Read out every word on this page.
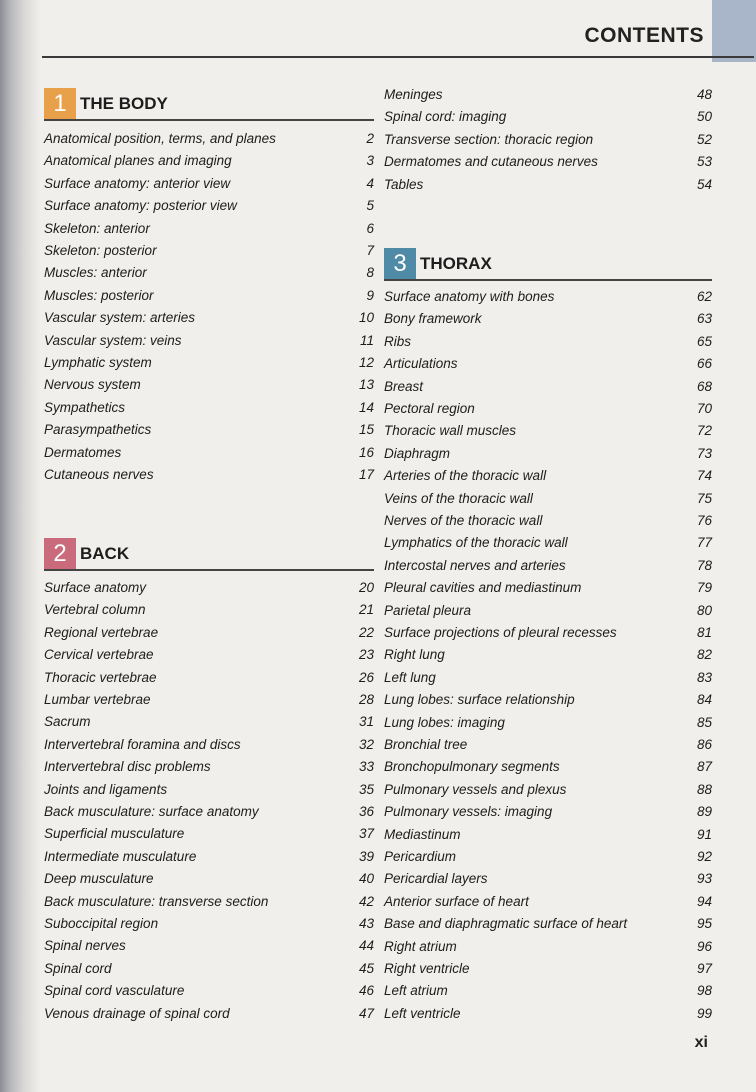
CONTENTS
1 THE BODY
Anatomical position, terms, and planes	2
Anatomical planes and imaging	3
Surface anatomy: anterior view	4
Surface anatomy: posterior view	5
Skeleton: anterior	6
Skeleton: posterior	7
Muscles: anterior	8
Muscles: posterior	9
Vascular system: arteries	10
Vascular system: veins	11
Lymphatic system	12
Nervous system	13
Sympathetics	14
Parasympathetics	15
Dermatomes	16
Cutaneous nerves	17
2 BACK
Surface anatomy	20
Vertebral column	21
Regional vertebrae	22
Cervical vertebrae	23
Thoracic vertebrae	26
Lumbar vertebrae	28
Sacrum	31
Intervertebral foramina and discs	32
Intervertebral disc problems	33
Joints and ligaments	35
Back musculature: surface anatomy	36
Superficial musculature	37
Intermediate musculature	39
Deep musculature	40
Back musculature: transverse section	42
Suboccipital region	43
Spinal nerves	44
Spinal cord	45
Spinal cord vasculature	46
Venous drainage of spinal cord	47
Meninges	48
Spinal cord: imaging	50
Transverse section: thoracic region	52
Dermatomes and cutaneous nerves	53
Tables	54
3 THORAX
Surface anatomy with bones	62
Bony framework	63
Ribs	65
Articulations	66
Breast	68
Pectoral region	70
Thoracic wall muscles	72
Diaphragm	73
Arteries of the thoracic wall	74
Veins of the thoracic wall	75
Nerves of the thoracic wall	76
Lymphatics of the thoracic wall	77
Intercostal nerves and arteries	78
Pleural cavities and mediastinum	79
Parietal pleura	80
Surface projections of pleural recesses	81
Right lung	82
Left lung	83
Lung lobes: surface relationship	84
Lung lobes: imaging	85
Bronchial tree	86
Bronchopulmonary segments	87
Pulmonary vessels and plexus	88
Pulmonary vessels: imaging	89
Mediastinum	91
Pericardium	92
Pericardial layers	93
Anterior surface of heart	94
Base and diaphragmatic surface of heart	95
Right atrium	96
Right ventricle	97
Left atrium	98
Left ventricle	99
xi
